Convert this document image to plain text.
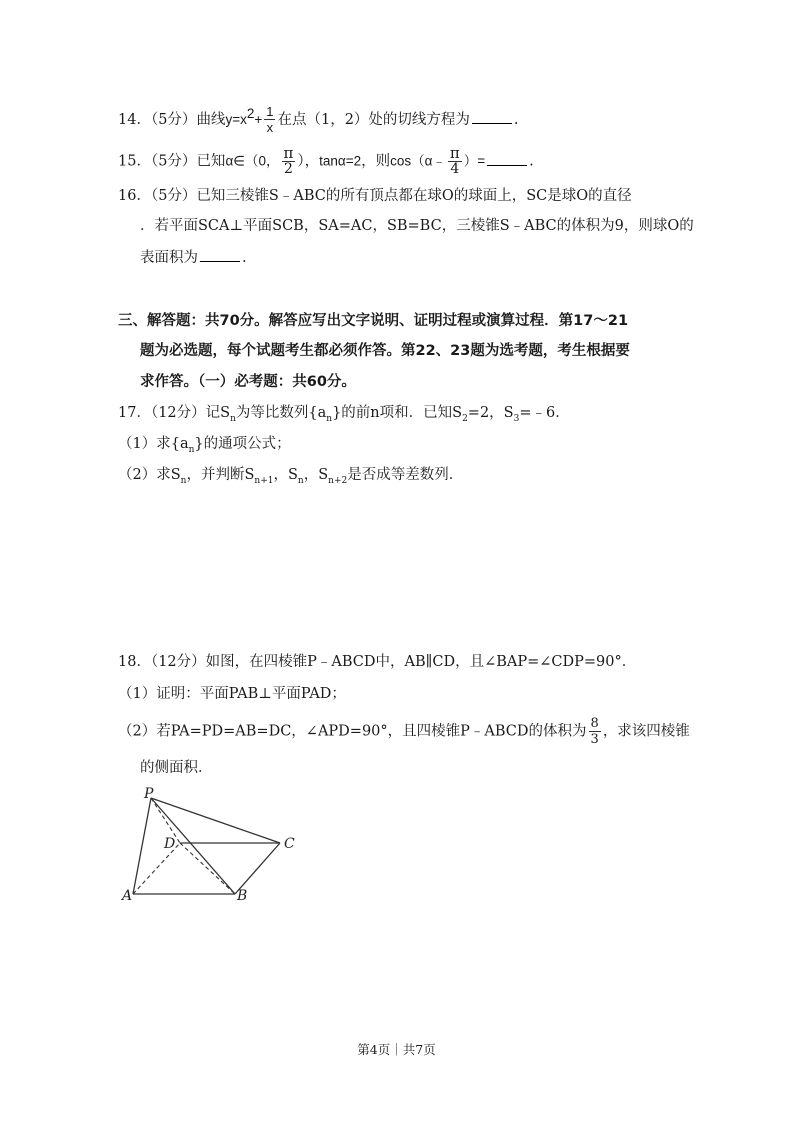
14．（5分）曲线$y=x^2+ \frac{1}{x}$ 在点（1，2）处的切线方程为	.
15．（5分）已知α∈（0， $\frac{\pi}{2}$ ），tanα=2，则cos（α﹣ $\frac{\pi}{4}$ ）=	.
16．（5分）已知三棱锥S﹣ABC的所有顶点都在球O的球面上，SC是球O的直径
．若平面SCA⊥平面SCB，SA=AC，SB=BC，三棱锥S﹣ABC的体积为9，则球O的
表面积为	.
三、解答题：共70分。解答应写出文字说明、证明过程或演算过程．第17～21
题为必选题，每个试题考生都必须作答。第22、23题为选考题，考生根据要
求作答。（一）必考题：共60分。
17．（12分）记$S_n$为等比数列$\{a_n\}$的前n项和．已知$S_2=2$，$S_3=﹣6$．
（1）求$\{a_n\}$的通项公式；
（2）求$S_n$，并判断$S_{n+1}$，$S_n$，$S_{n+2}$是否成等差数列．
18．（12分）如图，在四棱锥P﹣ABCD中，AB∥CD，且∠BAP=∠CDP=90°．
（1）证明：平面PAB⊥平面PAD；
（2）若PA=PD=AB=DC，∠APD=90°，且四棱锥P﹣ABCD的体积为 $\frac{8}{3}$ ，求该四棱锥
的侧面积．
P
D	C
A	B
第4页｜共7页
